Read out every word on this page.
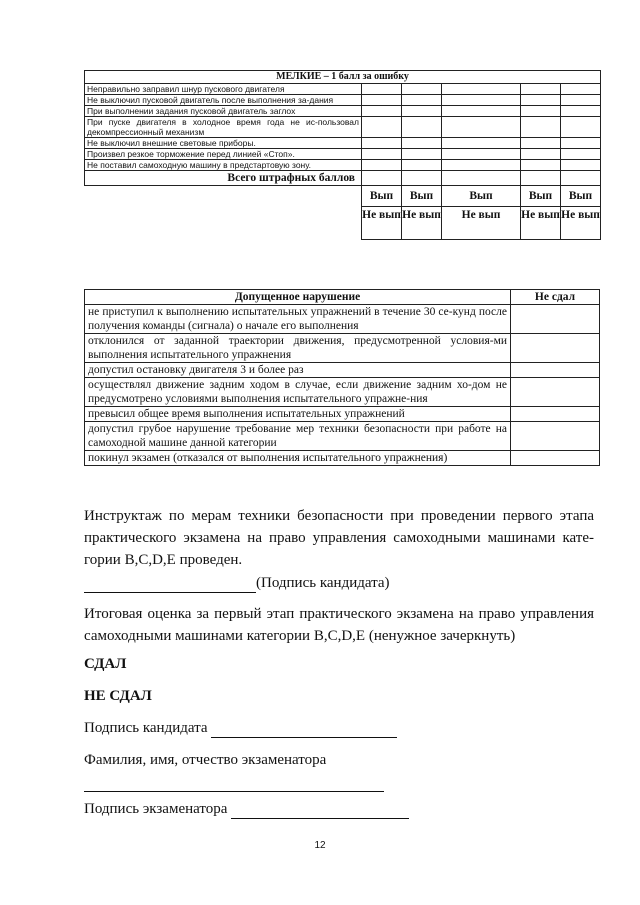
МЕЛКИЕ – 1 балл за ошибку					
Неправильно заправил шнур пускового двигателя					
Не выключил пусковой двигатель после выполнения за-дания					
При выполнении задания пусковой двигатель заглох					
При пуске двигателя в холодное время года не ис-пользовал декомпрессионный механизм					
Не выключил внешние световые приборы.					
Произвел резкое торможение перед линией «Стоп».					
Не поставил самоходную машину в предстартовую зону.					
Всего штрафных баллов					
	Вып	Вып	Вып	Вып	Вып
	Не вып	Не вып	Не вып	Не вып	Не вып
Допущенное нарушение	Не сдал
не приступил к выполнению испытательных упражнений в течение 30 се-кунд после получения команды (сигнала) о начале его выполнения	
отклонился от заданной траектории движения, предусмотренной условия-ми выполнения испытательного упражнения	
допустил остановку двигателя 3 и более раз	
осуществлял движение задним ходом в случае, если движение задним хо-дом не предусмотрено условиями выполнения испытательного упражне-ния	
превысил общее время выполнения испытательных упражнений	
допустил грубое нарушение требование мер техники безопасности при работе на самоходной машине данной категории	
покинул экзамен (отказался от выполнения испытательного упражнения)	

Инструктаж по мерам техники безопасности при проведении первого этапа практического экзамена на право управления самоходными машинами кате-гории B,C,D,E проведен.

(Подпись кандидата)

Итоговая оценка за первый этап практического экзамена на право управления самоходными машинами категории B,C,D,E (ненужное зачеркнуть)

СДАЛ
НЕ СДАЛ
Подпись кандидата
Фамилия, имя, отчество экзаменатора
Подпись экзаменатора
12
